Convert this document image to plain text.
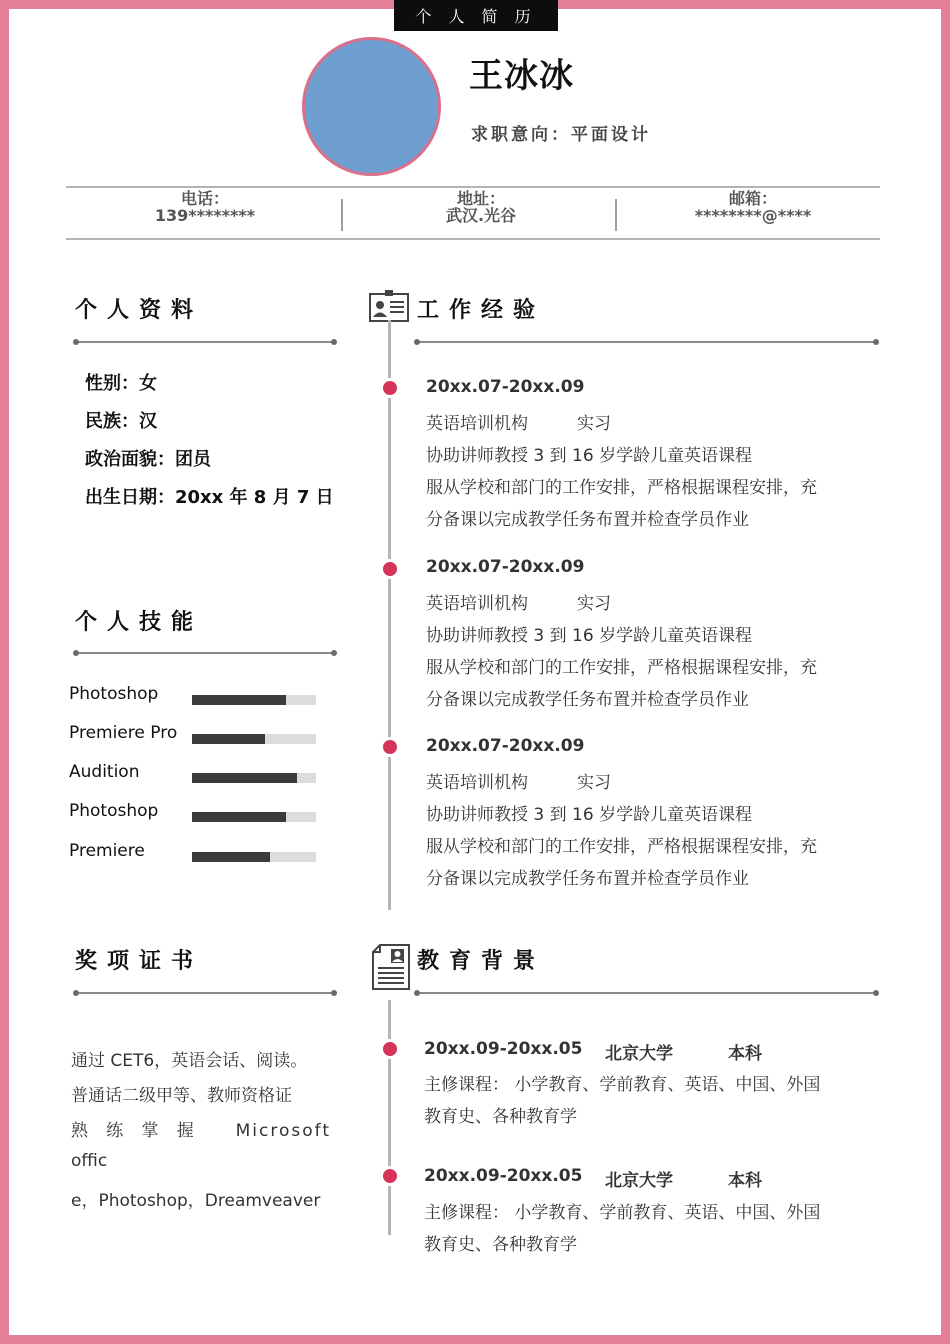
个 人 简 历
王冰冰
求职意向：平面设计
电话：
139********
地址：
武汉.光谷
邮箱：
********@****
个人资料
性别：女
民族：汉
政治面貌：团员
出生日期：20xx 年 8 月 7 日
个人技能
Photoshop
Premiere Pro
Audition
Photoshop
Premiere
奖项证书
通过 CET6，英语会话、阅读。
普通话二级甲等、教师资格证
熟练掌握 Microsoft
offic
e，Photoshop，Dreamveaver
工作经验
20xx.07-20xx.09
英语培训机构	实习
协助讲师教授 3 到 16 岁学龄儿童英语课程
服从学校和部门的工作安排，严格根据课程安排，充
分备课以完成教学任务布置并检查学员作业
20xx.07-20xx.09
英语培训机构	实习
协助讲师教授 3 到 16 岁学龄儿童英语课程
服从学校和部门的工作安排，严格根据课程安排，充
分备课以完成教学任务布置并检查学员作业
20xx.07-20xx.09
英语培训机构	实习
协助讲师教授 3 到 16 岁学龄儿童英语课程
服从学校和部门的工作安排，严格根据课程安排，充
分备课以完成教学任务布置并检查学员作业
教育背景
20xx.09-20xx.05 北京大学	本科
主修课程： 小学教育、学前教育、英语、中国、外国
教育史、各种教育学
20xx.09-20xx.05 北京大学	本科
主修课程： 小学教育、学前教育、英语、中国、外国
教育史、各种教育学
